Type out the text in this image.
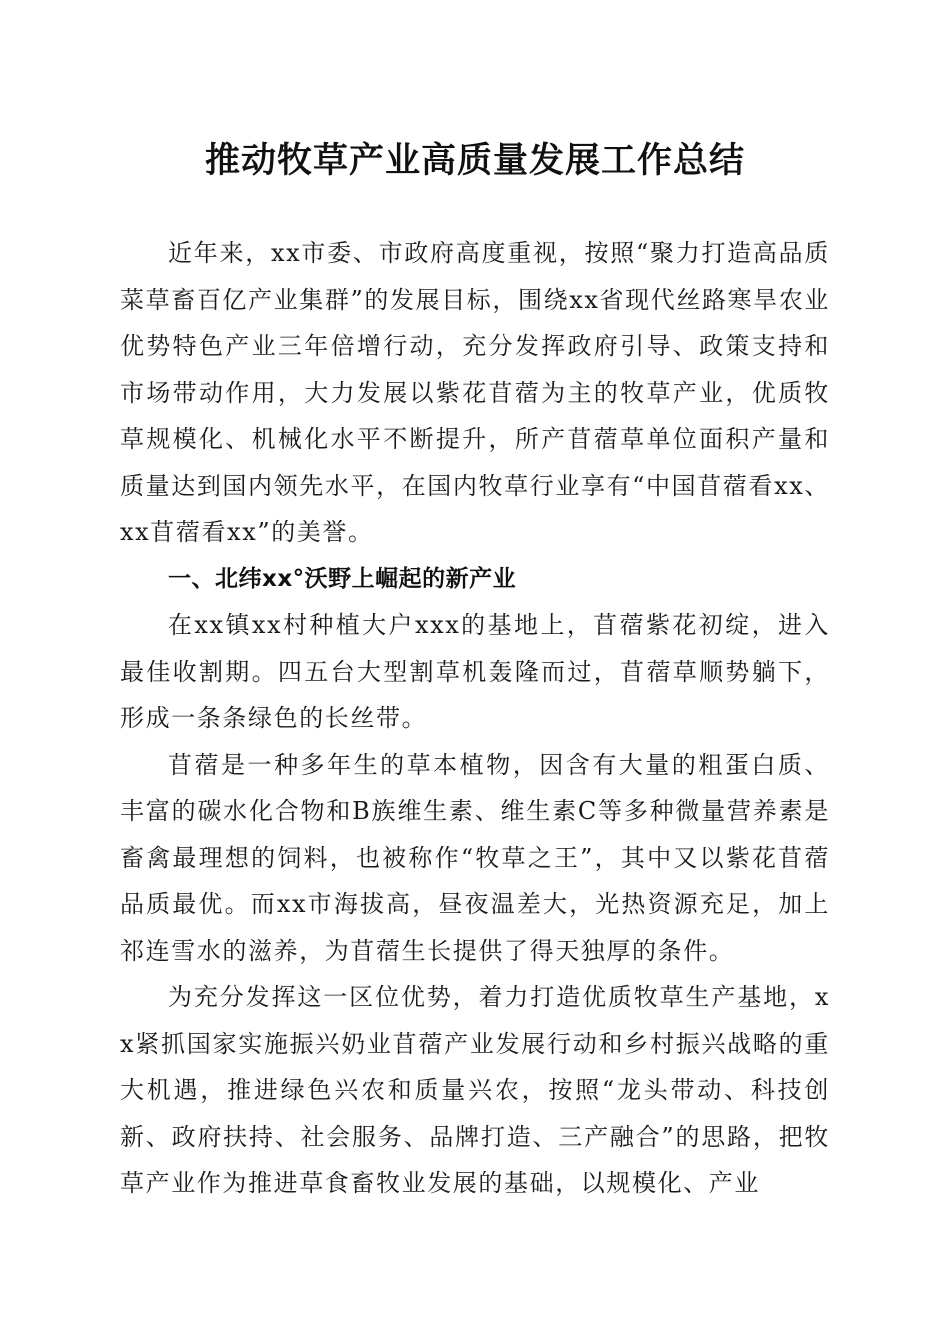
推动牧草产业高质量发展工作总结

近年来，xx市委、市政府高度重视，按照“聚力打造高品质菜草畜百亿产业集群”的发展目标，围绕xx省现代丝路寒旱农业优势特色产业三年倍增行动，充分发挥政府引导、政策支持和市场带动作用，大力发展以紫花苜蓿为主的牧草产业，优质牧草规模化、机械化水平不断提升，所产苜蓿草单位面积产量和质量达到国内领先水平，在国内牧草行业享有“中国苜蓿看xx、xx苜蓿看xx”的美誉。

一、北纬xx°沃野上崛起的新产业

在xx镇xx村种植大户xxx的基地上，苜蓿紫花初绽，进入最佳收割期。四五台大型割草机轰隆而过，苜蓿草顺势躺下，形成一条条绿色的长丝带。

苜蓿是一种多年生的草本植物，因含有大量的粗蛋白质、丰富的碳水化合物和B族维生素、维生素C等多种微量营养素是畜禽最理想的饲料，也被称作“牧草之王”，其中又以紫花苜蓿品质最优。而xx市海拔高，昼夜温差大，光热资源充足，加上祁连雪水的滋养，为苜蓿生长提供了得天独厚的条件。

为充分发挥这一区位优势，着力打造优质牧草生产基地，xx紧抓国家实施振兴奶业苜蓿产业发展行动和乡村振兴战略的重大机遇，推进绿色兴农和质量兴农，按照“龙头带动、科技创新、政府扶持、社会服务、品牌打造、三产融合”的思路，把牧草产业作为推进草食畜牧业发展的基础，以规模化、产业
